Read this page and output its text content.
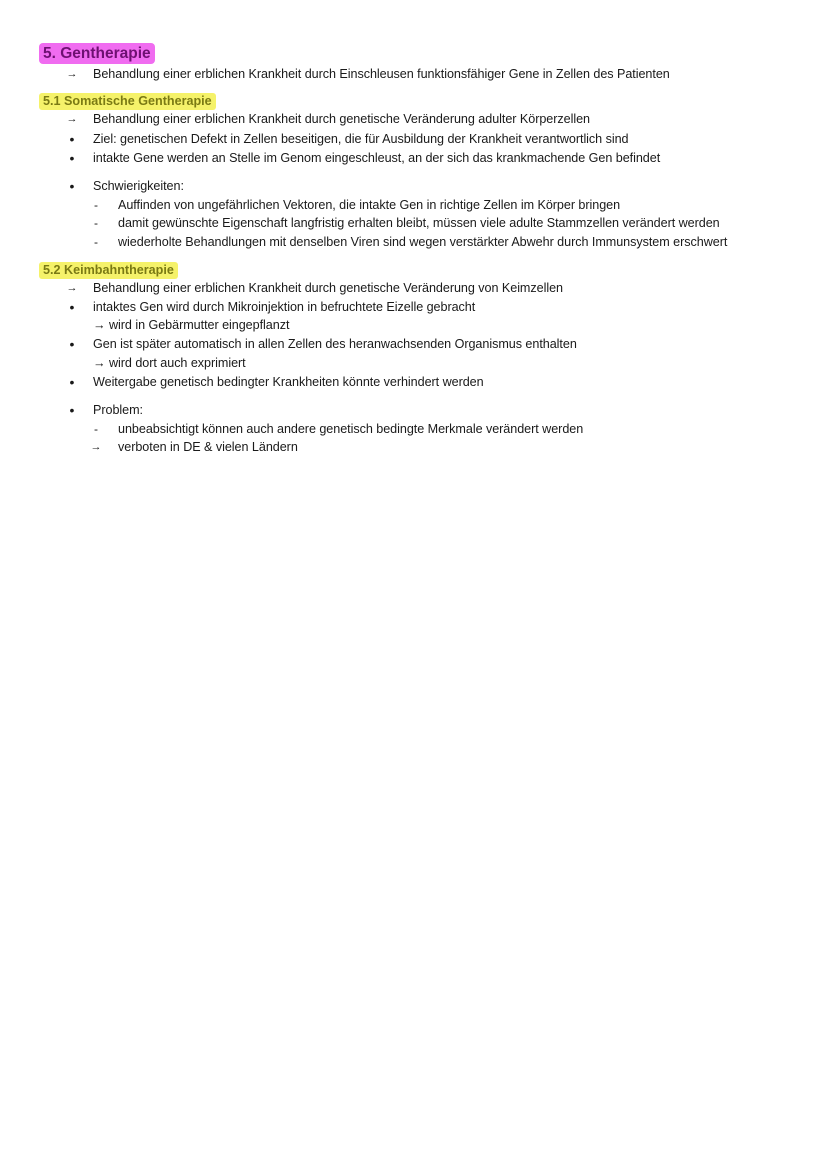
5. Gentherapie
→ Behandlung einer erblichen Krankheit durch Einschleusen funktionsfähiger Gene in Zellen des Patienten
5.1 Somatische Gentherapie
→ Behandlung einer erblichen Krankheit durch genetische Veränderung adulter Körperzellen
•	Ziel: genetischen Defekt in Zellen beseitigen, die für Ausbildung der Krankheit verantwortlich sind
•	intakte Gene werden an Stelle im Genom eingeschleust, an der sich das krankmachende Gen befindet
•	Schwierigkeiten:
-	Auffinden von ungefährlichen Vektoren, die intakte Gen in richtige Zellen im Körper bringen
-	damit gewünschte Eigenschaft langfristig erhalten bleibt, müssen viele adulte Stammzellen verändert werden
-	wiederholte Behandlungen mit denselben Viren sind wegen verstärkter Abwehr durch Immunsystem erschwert
5.2 Keimbahntherapie
→ Behandlung einer erblichen Krankheit durch genetische Veränderung von Keimzellen
•	intaktes Gen wird durch Mikroinjektion in befruchtete Eizelle gebracht
→ wird in Gebärmutter eingepflanzt
•	Gen ist später automatisch in allen Zellen des heranwachsenden Organismus enthalten
→ wird dort auch exprimiert
•	Weitergabe genetisch bedingter Krankheiten könnte verhindert werden
•	Problem:
-	unbeabsichtigt können auch andere genetisch bedingte Merkmale verändert werden
→ verboten in DE & vielen Ländern
